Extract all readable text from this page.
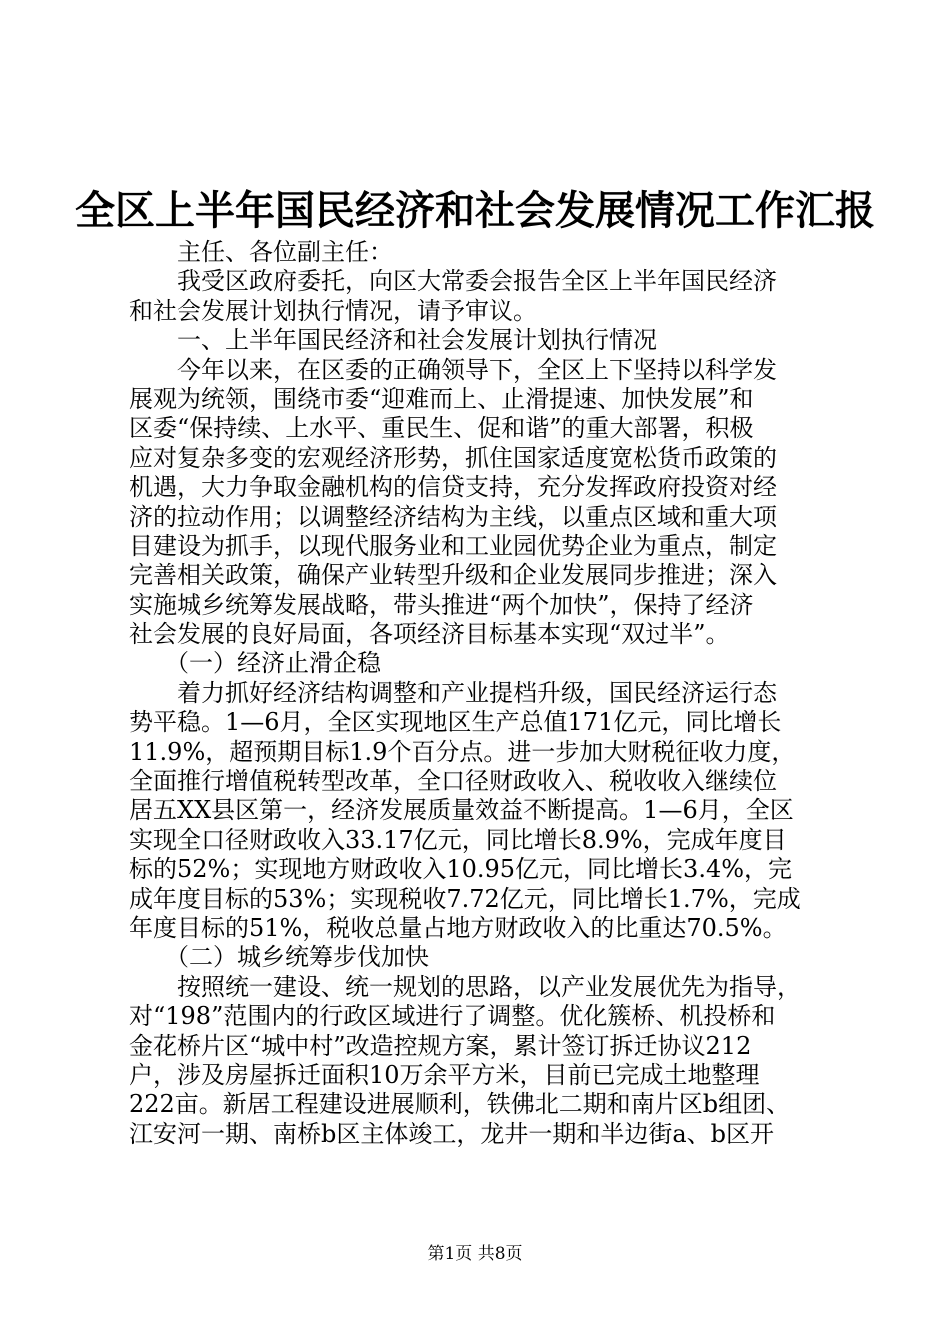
全区上半年国民经济和社会发展情况工作汇报
　　主任、各位副主任：
　　我受区政府委托，向区大常委会报告全区上半年国民经济
和社会发展计划执行情况，请予审议。
　　一、上半年国民经济和社会发展计划执行情况
　　今年以来，在区委的正确领导下，全区上下坚持以科学发
展观为统领，围绕市委“迎难而上、止滑提速、加快发展”和
区委“保持续、上水平、重民生、促和谐”的重大部署，积极
应对复杂多变的宏观经济形势，抓住国家适度宽松货币政策的
机遇，大力争取金融机构的信贷支持，充分发挥政府投资对经
济的拉动作用；以调整经济结构为主线，以重点区域和重大项
目建设为抓手，以现代服务业和工业园优势企业为重点，制定
完善相关政策，确保产业转型升级和企业发展同步推进；深入
实施城乡统筹发展战略，带头推进“两个加快”，保持了经济
社会发展的良好局面，各项经济目标基本实现“双过半”。
　　（一）经济止滑企稳
　　着力抓好经济结构调整和产业提档升级，国民经济运行态
势平稳。1—6月，全区实现地区生产总值171亿元，同比增长
11.9%，超预期目标1.9个百分点。进一步加大财税征收力度，
全面推行增值税转型改革，全口径财政收入、税收收入继续位
居五XX县区第一，经济发展质量效益不断提高。1—6月，全区
实现全口径财政收入33.17亿元，同比增长8.9%，完成年度目
标的52%；实现地方财政收入10.95亿元，同比增长3.4%，完
成年度目标的53%；实现税收7.72亿元，同比增长1.7%，完成
年度目标的51%，税收总量占地方财政收入的比重达70.5%。
　　（二）城乡统筹步伐加快
　　按照统一建设、统一规划的思路，以产业发展优先为指导，
对“198”范围内的行政区域进行了调整。优化簇桥、机投桥和
金花桥片区“城中村”改造控规方案，累计签订拆迁协议212
户，涉及房屋拆迁面积10万余平方米，目前已完成土地整理
222亩。新居工程建设进展顺利，铁佛北二期和南片区b组团、
江安河一期、南桥b区主体竣工，龙井一期和半边街a、b区开
第1页 共8页
